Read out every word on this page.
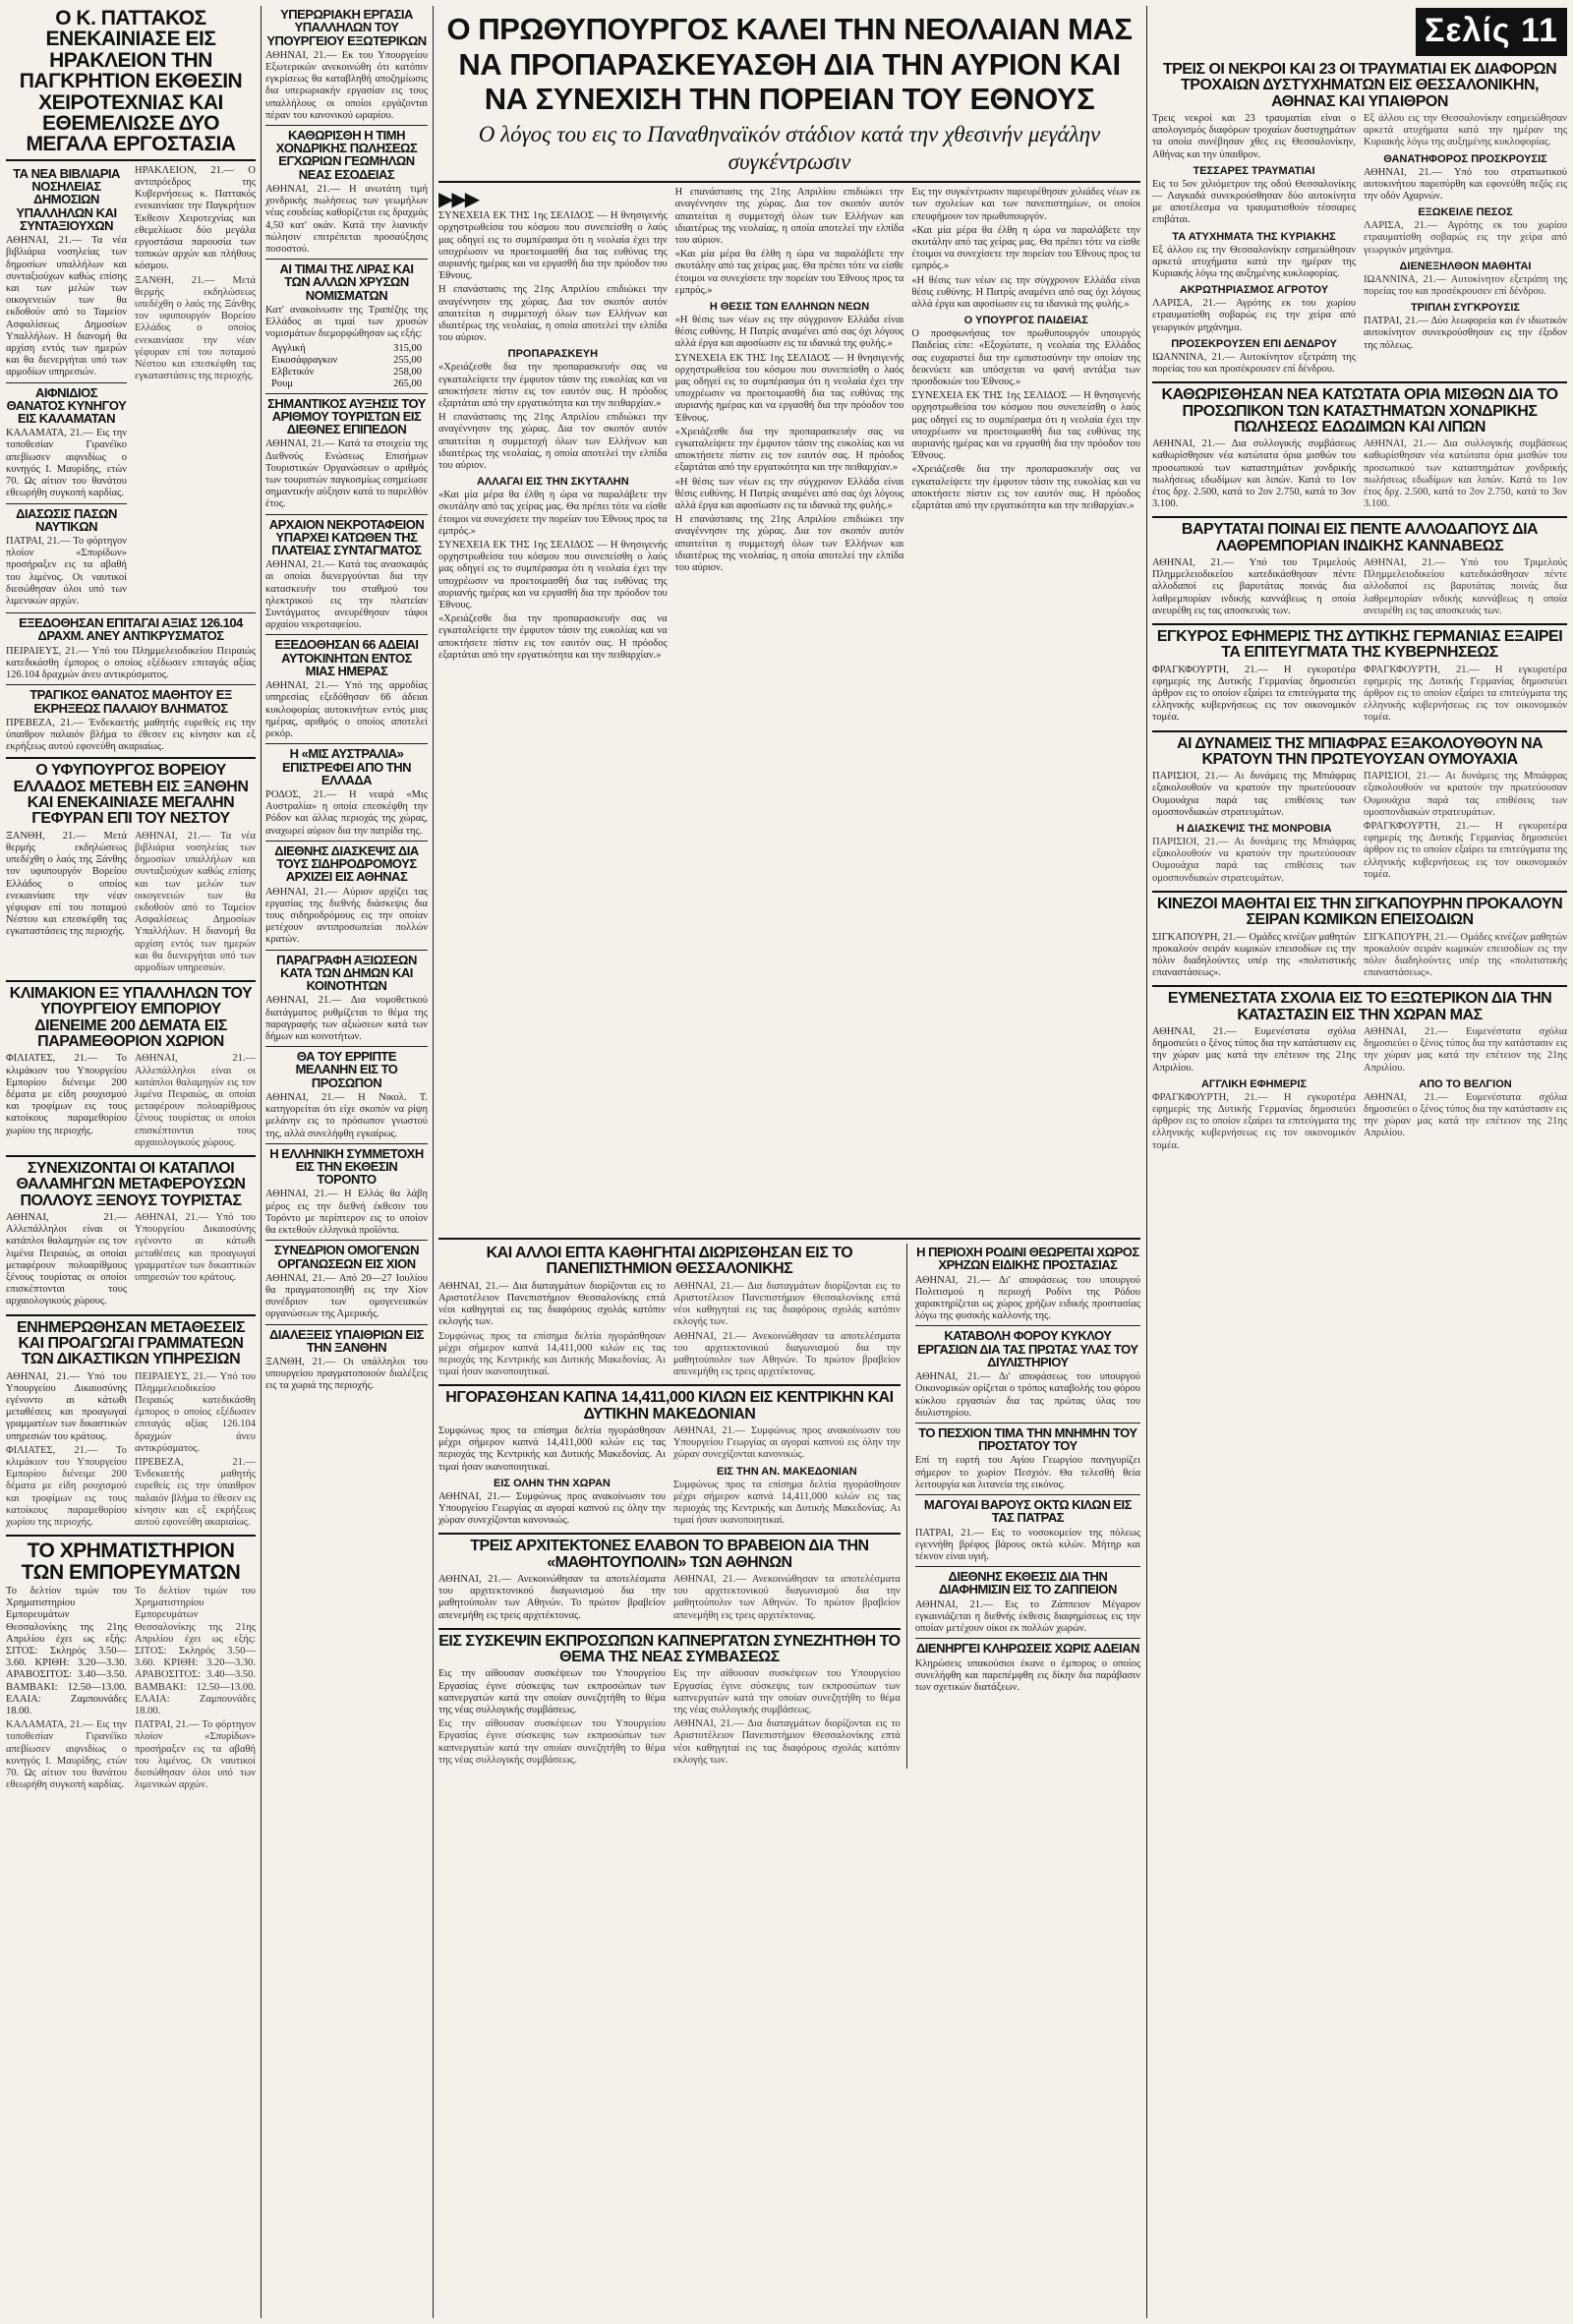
Ο Κ. ΠΑΤΤΑΚΟΣ ΕΝΕΚΑΙΝΙΑΣΕ ΕΙΣ ΗΡΑΚΛΕΙΟΝ ΤΗΝ ΠΑΓΚΡΗΤΙΟΝ ΕΚΘΕΣΙΝ ΧΕΙΡΟΤΕΧΝΙΑΣ ΚΑΙ ΕΘΕΜΕΛΙΩΣΕ ΔΥΟ ΜΕΓΑΛΑ ΕΡΓΟΣΤΑΣΙΑ
ΤΑ ΝΕΑ ΒΙΒΛΙΑΡΙΑ ΝΟΣΗΛΕΙΑΣ ΔΗΜΟΣΙΩΝ ΥΠΑΛΛΗΛΩΝ ΚΑΙ ΣΥΝΤΑΞΙΟΥΧΩΝ

ΑΘΗΝΑΙ, 21.— Τα νέα βιβλιάρια νοσηλείας των δημοσίων υπαλλήλων και συνταξιούχων καθώς επίσης και των μελών των οικογενειών των θα εκδοθούν από το Ταμείον Ασφαλίσεως Δημοσίων Υπαλλήλων. Η διανομή θα αρχίση εντός των ημερών και θα διενεργήται υπό των αρμοδίων υπηρεσιών.

ΑΙΦΝΙΔΙΟΣ ΘΑΝΑΤΟΣ ΚΥΝΗΓΟΥ ΕΙΣ ΚΑΛΑΜΑΤΑΝ

ΚΑΛΑΜΑΤΑ, 21.— Εις την τοποθεσίαν Γιρανέϊκο απεβίωσεν αιφνιδίως ο κυνηγός Ι. Μαυρίδης, ετών 70. Ως αίτιον του θανάτου εθεωρήθη συγκοπή καρδίας.

ΔΙΑΣΩΣΙΣ ΠΑΣΩΝ ΝΑΥΤΙΚΩΝ

ΠΑΤΡΑΙ, 21.— Το φόρτηγον πλοίον «Σπυρίδων» προσήραξεν εις τα αβαθή του λιμένος. Οι ναυτικοί διεσώθησαν όλοι υπό των λιμενικών αρχών.

ΗΡΑΚΛΕΙΟΝ, 21.— Ο αντιπρόεδρος της Κυβερνήσεως κ. Παττακός ενεκαινίασε την Παγκρήτιον Έκθεσιν Χειροτεχνίας και εθεμελίωσε δύο μεγάλα εργοστάσια παρουσία των τοπικών αρχών και πλήθους κόσμου.

ΞΑΝΘΗ, 21.— Μετά θερμής εκδηλώσεως υπεδέχθη ο λαός της Ξάνθης τον υφυπουργόν Βορείου Ελλάδος ο οποίος ενεκαινίασε την νέαν γέφυραν επί του ποταμού Νέστου και επεσκέφθη τας εγκαταστάσεις της περιοχής.

ΕΞΕΔΟΘΗΣΑΝ ΕΠΙΤΑΓΑΙ ΑΞΙΑΣ 126.104 ΔΡΑΧΜ. ΑΝΕΥ ΑΝΤΙΚΡΥΣΜΑΤΟΣ

ΠΕΙΡΑΙΕΥΣ, 21.— Υπό του Πλημμελειοδικείου Πειραιώς κατεδικάσθη έμπορος ο οποίος εξέδωσεν επιταγάς αξίας 126.104 δραχμών άνευ αντικρύσματος.

ΤΡΑΓΙΚΟΣ ΘΑΝΑΤΟΣ ΜΑΘΗΤΟΥ ΕΞ ΕΚΡΗΞΕΩΣ ΠΑΛΑΙΟΥ ΒΛΗΜΑΤΟΣ

ΠΡΕΒΕΖΑ, 21.— Ένδεκαετής μαθητής ευρεθείς εις την ύπαιθρον παλαιόν βλήμα το έθεσεν εις κίνησιν και εξ εκρήξεως αυτού εφονεύθη ακαριαίως.

Ο ΥΦΥΠΟΥΡΓΟΣ ΒΟΡΕΙΟΥ ΕΛΛΑΔΟΣ ΜΕΤΕΒΗ ΕΙΣ ΞΑΝΘΗΝ ΚΑΙ ΕΝΕΚΑΙΝΙΑΣΕ ΜΕΓΑΛΗΝ ΓΕΦΥΡΑΝ ΕΠΙ ΤΟΥ ΝΕΣΤΟΥ

ΞΑΝΘΗ, 21.— Μετά θερμής εκδηλώσεως υπεδέχθη ο λαός της Ξάνθης τον υφυπουργόν Βορείου Ελλάδος ο οποίος ενεκαινίασε την νέαν γέφυραν επί του ποταμού Νέστου και επεσκέφθη τας εγκαταστάσεις της περιοχής.

ΑΘΗΝΑΙ, 21.— Τα νέα βιβλιάρια νοσηλείας των δημοσίων υπαλλήλων και συνταξιούχων καθώς επίσης και των μελών των οικογενειών των θα εκδοθούν από το Ταμείον Ασφαλίσεως Δημοσίων Υπαλλήλων. Η διανομή θα αρχίση εντός των ημερών και θα διενεργήται υπό των αρμοδίων υπηρεσιών.

ΚΛΙΜΑΚΙΟΝ ΕΞ ΥΠΑΛΛΗΛΩΝ ΤΟΥ ΥΠΟΥΡΓΕΙΟΥ ΕΜΠΟΡΙΟΥ ΔΙΕΝΕΙΜΕ 200 ΔΕΜΑΤΑ ΕΙΣ ΠΑΡΑΜΕΘΟΡΙΟΝ ΧΩΡΙΟΝ

ΦΙΛΙΑΤΕΣ, 21.— Το κλιμάκιον του Υπουργείου Εμπορίου διένειμε 200 δέματα με είδη ρουχισμού και τροφίμων εις τους κατοίκους παραμεθορίου χωρίου της περιοχής.

ΑΘΗΝΑΙ, 21.— Αλλεπάλληλοι είναι οι κατάπλοι θαλαμηγών εις τον λιμένα Πειραιώς, αι οποίαι μεταφέρουν πολυαρίθμους ξένους τουρίστας οι οποίοι επισκέπτονται τους αρχαιολογικούς χώρους.

ΣΥΝΕΧΙΖΟΝΤΑΙ ΟΙ ΚΑΤΑΠΛΟΙ ΘΑΛΑΜΗΓΩΝ ΜΕΤΑΦΕΡΟΥΣΩΝ ΠΟΛΛΟΥΣ ΞΕΝΟΥΣ ΤΟΥΡΙΣΤΑΣ

ΑΘΗΝΑΙ, 21.— Αλλεπάλληλοι είναι οι κατάπλοι θαλαμηγών εις τον λιμένα Πειραιώς, αι οποίαι μεταφέρουν πολυαρίθμους ξένους τουρίστας οι οποίοι επισκέπτονται τους αρχαιολογικούς χώρους.

ΑΘΗΝΑΙ, 21.— Υπό του Υπουργείου Δικαιοσύνης εγένοντο αι κάτωθι μεταθέσεις και προαγωγαί γραμματέων των δικαστικών υπηρεσιών του κράτους.

ΕΝΗΜΕΡΩΘΗΣΑΝ ΜΕΤΑΘΕΣΕΙΣ ΚΑΙ ΠΡΟΑΓΩΓΑΙ ΓΡΑΜΜΑΤΕΩΝ ΤΩΝ ΔΙΚΑΣΤΙΚΩΝ ΥΠΗΡΕΣΙΩΝ

ΑΘΗΝΑΙ, 21.— Υπό του Υπουργείου Δικαιοσύνης εγένοντο αι κάτωθι μεταθέσεις και προαγωγαί γραμματέων των δικαστικών υπηρεσιών του κράτους.

ΦΙΛΙΑΤΕΣ, 21.— Το κλιμάκιον του Υπουργείου Εμπορίου διένειμε 200 δέματα με είδη ρουχισμού και τροφίμων εις τους κατοίκους παραμεθορίου χωρίου της περιοχής.

ΠΕΙΡΑΙΕΥΣ, 21.— Υπό του Πλημμελειοδικείου Πειραιώς κατεδικάσθη έμπορος ο οποίος εξέδωσεν επιταγάς αξίας 126.104 δραχμών άνευ αντικρύσματος.

ΠΡΕΒΕΖΑ, 21.— Ένδεκαετής μαθητής ευρεθείς εις την ύπαιθρον παλαιόν βλήμα το έθεσεν εις κίνησιν και εξ εκρήξεως αυτού εφονεύθη ακαριαίως.

ΤΟ ΧΡΗΜΑΤΙΣΤΗΡΙΟΝ ΤΩΝ ΕΜΠΟΡΕΥΜΑΤΩΝ

Το δελτίον τιμών του Χρηματιστηρίου Εμπορευμάτων Θεσσαλονίκης της 21ης Απριλίου έχει ως εξής: ΣΙΤΟΣ: Σκληρός 3.50—3.60. ΚΡΙΘΗ: 3.20—3.30. ΑΡΑΒΟΣΙΤΟΣ: 3.40—3.50. ΒΑΜΒΑΚΙ: 12.50—13.00. ΕΛΑΙΑ: Ζαμπουνάδες 18.00.

ΚΑΛΑΜΑΤΑ, 21.— Εις την τοποθεσίαν Γιρανέϊκο απεβίωσεν αιφνιδίως ο κυνηγός Ι. Μαυρίδης, ετών 70. Ως αίτιον του θανάτου εθεωρήθη συγκοπή καρδίας.

Το δελτίον τιμών του Χρηματιστηρίου Εμπορευμάτων Θεσσαλονίκης της 21ης Απριλίου έχει ως εξής: ΣΙΤΟΣ: Σκληρός 3.50—3.60. ΚΡΙΘΗ: 3.20—3.30. ΑΡΑΒΟΣΙΤΟΣ: 3.40—3.50. ΒΑΜΒΑΚΙ: 12.50—13.00. ΕΛΑΙΑ: Ζαμπουνάδες 18.00.

ΠΑΤΡΑΙ, 21.— Το φόρτηγον πλοίον «Σπυρίδων» προσήραξεν εις τα αβαθή του λιμένος. Οι ναυτικοί διεσώθησαν όλοι υπό των λιμενικών αρχών.

ΥΠΕΡΩΡΙΑΚΗ ΕΡΓΑΣΙΑ ΥΠΑΛΛΗΛΩΝ ΤΟΥ ΥΠΟΥΡΓΕΙΟΥ ΕΞΩΤΕΡΙΚΩΝ

ΑΘΗΝΑΙ, 21.— Εκ του Υπουργείου Εξωτερικών ανεκοινώθη ότι κατόπιν εγκρίσεως θα καταβληθή αποζημίωσις δια υπερωριακήν εργασίαν εις τους υπαλλήλους οι οποίοι εργάζονται πέραν του κανονικού ωραρίου.

ΚΑΘΩΡΙΣΘΗ Η ΤΙΜΗ ΧΟΝΔΡΙΚΗΣ ΠΩΛΗΣΕΩΣ ΕΓΧΩΡΙΩΝ ΓΕΩΜΗΛΩΝ ΝΕΑΣ ΕΣΟΔΕΙΑΣ

ΑΘΗΝΑΙ, 21.— Η ανωτάτη τιμή χονδρικής πωλήσεως των γεωμήλων νέας εσοδείας καθορίζεται εις δραχμάς 4,50 κατ' οκάν. Κατά την λιανικήν πώλησιν επιτρέπεται προσαύξησις ποσοστού.

ΑΙ ΤΙΜΑΙ ΤΗΣ ΛΙΡΑΣ ΚΑΙ ΤΩΝ ΑΛΛΩΝ ΧΡΥΣΩΝ ΝΟΜΙΣΜΑΤΩΝ

Κατ' ανακοίνωσιν της Τραπέζης της Ελλάδος αι τιμαί των χρυσών νομισμάτων διεμορφώθησαν ως εξής:

Αγγλική	315,00
Εικοσάφραγκον	255,00
Ελβετικόν	258,00
Ρουμ	265,00
ΣΗΜΑΝΤΙΚΟΣ ΑΥΞΗΣΙΣ ΤΟΥ ΑΡΙΘΜΟΥ ΤΟΥΡΙΣΤΩΝ ΕΙΣ ΔΙΕΘΝΕΣ ΕΠΙΠΕΔΟΝ

ΑΘΗΝΑΙ, 21.— Κατά τα στοιχεία της Διεθνούς Ενώσεως Επισήμων Τουριστικών Οργανώσεων ο αριθμός των τουριστών παγκοσμίως εσημείωσε σημαντικήν αύξησιν κατά το παρελθόν έτος.

ΑΡΧΑΙΟΝ ΝΕΚΡΟΤΑΦΕΙΟΝ ΥΠΑΡΧΕΙ ΚΑΤΩΘΕΝ ΤΗΣ ΠΛΑΤΕΙΑΣ ΣΥΝΤΑΓΜΑΤΟΣ

ΑΘΗΝΑΙ, 21.— Κατά τας ανασκαφάς αι οποίαι διενεργούνται δια την κατασκευήν του σταθμού του ηλεκτρικού εις την πλατείαν Συντάγματος ανευρέθησαν τάφοι αρχαίου νεκροταφείου.

ΕΞΕΔΟΘΗΣΑΝ 66 ΑΔΕΙΑΙ ΑΥΤΟΚΙΝΗΤΩΝ ΕΝΤΟΣ ΜΙΑΣ ΗΜΕΡΑΣ

ΑΘΗΝΑΙ, 21.— Υπό της αρμοδίας υπηρεσίας εξεδόθησαν 66 άδειαι κυκλοφορίας αυτοκινήτων εντός μιας ημέρας, αριθμός ο οποίος αποτελεί ρεκόρ.

Η «ΜΙΣ ΑΥΣΤΡΑΛΙΑ» ΕΠΙΣΤΡΕΦΕΙ ΑΠΟ ΤΗΝ ΕΛΛΑΔΑ

ΡΟΔΟΣ, 21.— Η νεαρά «Μις Αυστραλία» η οποία επεσκέφθη την Ρόδον και άλλας περιοχάς της χώρας, αναχωρεί αύριον δια την πατρίδα της.

ΔΙΕΘΝΗΣ ΔΙΑΣΚΕΨΙΣ ΔΙΑ ΤΟΥΣ ΣΙΔΗΡΟΔΡΟΜΟΥΣ ΑΡΧΙΖΕΙ ΕΙΣ ΑΘΗΝΑΣ

ΑΘΗΝΑΙ, 21.— Αύριον αρχίζει τας εργασίας της διεθνής διάσκεψις δια τους σιδηροδρόμους εις την οποίαν μετέχουν αντιπροσωπείαι πολλών κρατών.

ΠΑΡΑΓΡΑΦΗ ΑΞΙΩΣΕΩΝ ΚΑΤΑ ΤΩΝ ΔΗΜΩΝ ΚΑΙ ΚΟΙΝΟΤΗΤΩΝ

ΑΘΗΝΑΙ, 21.— Δια νομοθετικού διατάγματος ρυθμίζεται το θέμα της παραγραφής των αξιώσεων κατά των δήμων και κοινοτήτων.

ΘΑ ΤΟΥ ΕΡΡΙΠΤΕ ΜΕΛΑΝΗΝ ΕΙΣ ΤΟ ΠΡΟΣΩΠΟΝ

ΑΘΗΝΑΙ, 21.— Η Νικολ. Τ. κατηγορείται ότι είχε σκοπόν να ρίψη μελάνην εις το πρόσωπον γνωστού της, αλλά συνελήφθη εγκαίρως.

Η ΕΛΛΗΝΙΚΗ ΣΥΜΜΕΤΟΧΗ ΕΙΣ ΤΗΝ ΕΚΘΕΣΙΝ ΤΟΡΟΝΤΟ

ΑΘΗΝΑΙ, 21.— Η Ελλάς θα λάβη μέρος εις την διεθνή έκθεσιν του Τορόντο με περίπτερον εις το οποίον θα εκτεθούν ελληνικά προϊόντα.

ΣΥΝΕΔΡΙΟΝ ΟΜΟΓΕΝΩΝ ΟΡΓΑΝΩΣΕΩΝ ΕΙΣ ΧΙΟΝ

ΑΘΗΝΑΙ, 21.— Από 20—27 Ιουλίου θα πραγματοποιηθή εις την Χίον συνέδριον των ομογενειακών οργανώσεων της Αμερικής.

ΔΙΑΛΕΞΕΙΣ ΥΠΑΙΘΡΙΩΝ ΕΙΣ ΤΗΝ ΞΑΝΘΗΝ

ΞΑΝΘΗ, 21.— Οι υπάλληλοι του υπουργείου πραγματοποιούν διαλέξεις εις τα χωριά της περιοχής.

Ο ΠΡΩΘΥΠΟΥΡΓΟΣ ΚΑΛΕΙ ΤΗΝ ΝΕΟΛΑΙΑΝ ΜΑΣ ΝΑ ΠΡΟΠΑΡΑΣΚΕΥΑΣΘΗ ΔΙΑ ΤΗΝ ΑΥΡΙΟΝ ΚΑΙ ΝΑ ΣΥΝΕΧΙΣΗ ΤΗΝ ΠΟΡΕΙΑΝ ΤΟΥ ΕΘΝΟΥΣ
Ο λόγος του εις το Παναθηναϊκόν στάδιον κατά την χθεσινήν μεγάλην συγκέντρωσιν
▶▶▶

ΣΥΝΕΧΕΙΑ ΕΚ ΤΗΣ 1ης ΣΕΛΙΔΟΣ — Η θνησιγενής ορχηστρωθείσα του κόσμου που συνεπείσθη ο λαός μας οδηγεί εις το συμπέρασμα ότι η νεολαία έχει την υποχρέωσιν να προετοιμασθή δια τας ευθύνας της αυριανής ημέρας και να εργασθή δια την πρόοδον του Έθνους.

Η επανάστασις της 21ης Απριλίου επιδιώκει την αναγέννησιν της χώρας. Δια τον σκοπόν αυτόν απαιτείται η συμμετοχή όλων των Ελλήνων και ιδιαιτέρως της νεολαίας, η οποία αποτελεί την ελπίδα του αύριον.

ΠΡΟΠΑΡΑΣΚΕΥΗ

«Χρειάζεσθε δια την προπαρασκευήν σας να εγκαταλείψετε την έμφυτον τάσιν της ευκολίας και να αποκτήσετε πίστιν εις τον εαυτόν σας. Η πρόοδος εξαρτάται από την εργατικότητα και την πειθαρχίαν.»

Η επανάστασις της 21ης Απριλίου επιδιώκει την αναγέννησιν της χώρας. Δια τον σκοπόν αυτόν απαιτείται η συμμετοχή όλων των Ελλήνων και ιδιαιτέρως της νεολαίας, η οποία αποτελεί την ελπίδα του αύριον.

ΑΛΛΑΓΑΙ ΕΙΣ ΤΗΝ ΣΚΥΤΑΛΗΝ

«Και μία μέρα θα έλθη η ώρα να παραλάβετε την σκυτάλην από τας χείρας μας. Θα πρέπει τότε να είσθε έτοιμοι να συνεχίσετε την πορείαν του Έθνους προς τα εμπρός.»

ΣΥΝΕΧΕΙΑ ΕΚ ΤΗΣ 1ης ΣΕΛΙΔΟΣ — Η θνησιγενής ορχηστρωθείσα του κόσμου που συνεπείσθη ο λαός μας οδηγεί εις το συμπέρασμα ότι η νεολαία έχει την υποχρέωσιν να προετοιμασθή δια τας ευθύνας της αυριανής ημέρας και να εργασθή δια την πρόοδον του Έθνους.

«Χρειάζεσθε δια την προπαρασκευήν σας να εγκαταλείψετε την έμφυτον τάσιν της ευκολίας και να αποκτήσετε πίστιν εις τον εαυτόν σας. Η πρόοδος εξαρτάται από την εργατικότητα και την πειθαρχίαν.»

Η επανάστασις της 21ης Απριλίου επιδιώκει την αναγέννησιν της χώρας. Δια τον σκοπόν αυτόν απαιτείται η συμμετοχή όλων των Ελλήνων και ιδιαιτέρως της νεολαίας, η οποία αποτελεί την ελπίδα του αύριον.

«Και μία μέρα θα έλθη η ώρα να παραλάβετε την σκυτάλην από τας χείρας μας. Θα πρέπει τότε να είσθε έτοιμοι να συνεχίσετε την πορείαν του Έθνους προς τα εμπρός.»

Η ΘΕΣΙΣ ΤΩΝ ΕΛΛΗΝΩΝ ΝΕΩΝ

«Η θέσις των νέων εις την σύγχρονον Ελλάδα είναι θέσις ευθύνης. Η Πατρίς αναμένει από σας όχι λόγους αλλά έργα και αφοσίωσιν εις τα ιδανικά της φυλής.»

ΣΥΝΕΧΕΙΑ ΕΚ ΤΗΣ 1ης ΣΕΛΙΔΟΣ — Η θνησιγενής ορχηστρωθείσα του κόσμου που συνεπείσθη ο λαός μας οδηγεί εις το συμπέρασμα ότι η νεολαία έχει την υποχρέωσιν να προετοιμασθή δια τας ευθύνας της αυριανής ημέρας και να εργασθή δια την πρόοδον του Έθνους.

«Χρειάζεσθε δια την προπαρασκευήν σας να εγκαταλείψετε την έμφυτον τάσιν της ευκολίας και να αποκτήσετε πίστιν εις τον εαυτόν σας. Η πρόοδος εξαρτάται από την εργατικότητα και την πειθαρχίαν.»

«Η θέσις των νέων εις την σύγχρονον Ελλάδα είναι θέσις ευθύνης. Η Πατρίς αναμένει από σας όχι λόγους αλλά έργα και αφοσίωσιν εις τα ιδανικά της φυλής.»

Η επανάστασις της 21ης Απριλίου επιδιώκει την αναγέννησιν της χώρας. Δια τον σκοπόν αυτόν απαιτείται η συμμετοχή όλων των Ελλήνων και ιδιαιτέρως της νεολαίας, η οποία αποτελεί την ελπίδα του αύριον.

Εις την συγκέντρωσιν παρευρέθησαν χιλιάδες νέων εκ των σχολείων και των πανεπιστημίων, οι οποίοι επευφήμουν τον πρωθυπουργόν.

«Και μία μέρα θα έλθη η ώρα να παραλάβετε την σκυτάλην από τας χείρας μας. Θα πρέπει τότε να είσθε έτοιμοι να συνεχίσετε την πορείαν του Έθνους προς τα εμπρός.»

«Η θέσις των νέων εις την σύγχρονον Ελλάδα είναι θέσις ευθύνης. Η Πατρίς αναμένει από σας όχι λόγους αλλά έργα και αφοσίωσιν εις τα ιδανικά της φυλής.»

Ο ΥΠΟΥΡΓΟΣ ΠΑΙΔΕΙΑΣ

Ο προσφωνήσας τον πρωθυπουργόν υπουργός Παιδείας είπε: «Εξοχώτατε, η νεολαία της Ελλάδος σας ευχαριστεί δια την εμπιστοσύνην την οποίαν της δεικνύετε και υπόσχεται να φανή αντάξια των προσδοκιών του Έθνους.»

ΣΥΝΕΧΕΙΑ ΕΚ ΤΗΣ 1ης ΣΕΛΙΔΟΣ — Η θνησιγενής ορχηστρωθείσα του κόσμου που συνεπείσθη ο λαός μας οδηγεί εις το συμπέρασμα ότι η νεολαία έχει την υποχρέωσιν να προετοιμασθή δια τας ευθύνας της αυριανής ημέρας και να εργασθή δια την πρόοδον του Έθνους.

«Χρειάζεσθε δια την προπαρασκευήν σας να εγκαταλείψετε την έμφυτον τάσιν της ευκολίας και να αποκτήσετε πίστιν εις τον εαυτόν σας. Η πρόοδος εξαρτάται από την εργατικότητα και την πειθαρχίαν.»

ΚΑΙ ΑΛΛΟΙ ΕΠΤΑ ΚΑΘΗΓΗΤΑΙ ΔΙΩΡΙΣΘΗΣΑΝ ΕΙΣ ΤΟ ΠΑΝΕΠΙΣΤΗΜΙΟΝ ΘΕΣΣΑΛΟΝΙΚΗΣ

ΑΘΗΝΑΙ, 21.— Δια διαταγμάτων διορίζονται εις το Αριστοτέλειον Πανεπιστήμιον Θεσσαλονίκης επτά νέοι καθηγηταί εις τας διαφόρους σχολάς κατόπιν εκλογής των.

Συμφώνως προς τα επίσημα δελτία ηγοράσθησαν μέχρι σήμερον καπνά 14,411,000 κιλών εις τας περιοχάς της Κεντρικής και Δυτικής Μακεδονίας. Αι τιμαί ήσαν ικανοποιητικαί.

ΑΘΗΝΑΙ, 21.— Δια διαταγμάτων διορίζονται εις το Αριστοτέλειον Πανεπιστήμιον Θεσσαλονίκης επτά νέοι καθηγηταί εις τας διαφόρους σχολάς κατόπιν εκλογής των.

ΑΘΗΝΑΙ, 21.— Ανεκοινώθησαν τα αποτελέσματα του αρχιτεκτονικού διαγωνισμού δια την μαθητούπολιν των Αθηνών. Το πρώτον βραβείον απενεμήθη εις τρεις αρχιτέκτονας.

ΗΓΟΡΑΣΘΗΣΑΝ ΚΑΠΝΑ 14,411,000 ΚΙΛΩΝ ΕΙΣ ΚΕΝΤΡΙΚΗΝ ΚΑΙ ΔΥΤΙΚΗΝ ΜΑΚΕΔΟΝΙΑΝ

Συμφώνως προς τα επίσημα δελτία ηγοράσθησαν μέχρι σήμερον καπνά 14,411,000 κιλών εις τας περιοχάς της Κεντρικής και Δυτικής Μακεδονίας. Αι τιμαί ήσαν ικανοποιητικαί.

ΕΙΣ ΟΛΗΝ ΤΗΝ ΧΩΡΑΝ

ΑΘΗΝΑΙ, 21.— Συμφώνως προς ανακοίνωσιν του Υπουργείου Γεωργίας αι αγοραί καπνού εις όλην την χώραν συνεχίζονται κανονικώς.

ΑΘΗΝΑΙ, 21.— Συμφώνως προς ανακοίνωσιν του Υπουργείου Γεωργίας αι αγοραί καπνού εις όλην την χώραν συνεχίζονται κανονικώς.

ΕΙΣ ΤΗΝ ΑΝ. ΜΑΚΕΔΟΝΙΑΝ

Συμφώνως προς τα επίσημα δελτία ηγοράσθησαν μέχρι σήμερον καπνά 14,411,000 κιλών εις τας περιοχάς της Κεντρικής και Δυτικής Μακεδονίας. Αι τιμαί ήσαν ικανοποιητικαί.

ΤΡΕΙΣ ΑΡΧΙΤΕΚΤΟΝΕΣ ΕΛΑΒΟΝ ΤΟ ΒΡΑΒΕΙΟΝ ΔΙΑ ΤΗΝ «ΜΑΘΗΤΟΥΠΟΛΙΝ» ΤΩΝ ΑΘΗΝΩΝ

ΑΘΗΝΑΙ, 21.— Ανεκοινώθησαν τα αποτελέσματα του αρχιτεκτονικού διαγωνισμού δια την μαθητούπολιν των Αθηνών. Το πρώτον βραβείον απενεμήθη εις τρεις αρχιτέκτονας.

ΑΘΗΝΑΙ, 21.— Ανεκοινώθησαν τα αποτελέσματα του αρχιτεκτονικού διαγωνισμού δια την μαθητούπολιν των Αθηνών. Το πρώτον βραβείον απενεμήθη εις τρεις αρχιτέκτονας.

ΕΙΣ ΣΥΣΚΕΨΙΝ ΕΚΠΡΟΣΩΠΩΝ ΚΑΠΝΕΡΓΑΤΩΝ ΣΥΝΕΖΗΤΗΘΗ ΤΟ ΘΕΜΑ ΤΗΣ ΝΕΑΣ ΣΥΜΒΑΣΕΩΣ

Εις την αίθουσαν συσκέψεων του Υπουργείου Εργασίας έγινε σύσκεψις των εκπροσώπων των καπνεργατών κατά την οποίαν συνεζητήθη το θέμα της νέας συλλογικής συμβάσεως.

Εις την αίθουσαν συσκέψεων του Υπουργείου Εργασίας έγινε σύσκεψις των εκπροσώπων των καπνεργατών κατά την οποίαν συνεζητήθη το θέμα της νέας συλλογικής συμβάσεως.

Εις την αίθουσαν συσκέψεων του Υπουργείου Εργασίας έγινε σύσκεψις των εκπροσώπων των καπνεργατών κατά την οποίαν συνεζητήθη το θέμα της νέας συλλογικής συμβάσεως.

ΑΘΗΝΑΙ, 21.— Δια διαταγμάτων διορίζονται εις το Αριστοτέλειον Πανεπιστήμιον Θεσσαλονίκης επτά νέοι καθηγηταί εις τας διαφόρους σχολάς κατόπιν εκλογής των.

Η ΠΕΡΙΟΧΗ ΡΟΔΙΝΙ ΘΕΩΡΕΙΤΑΙ ΧΩΡΟΣ ΧΡΗΖΩΝ ΕΙΔΙΚΗΣ ΠΡΟΣΤΑΣΙΑΣ

ΑΘΗΝΑΙ, 21.— Δι' αποφάσεως του υπουργού Πολιτισμού η περιοχή Ροδίνι της Ρόδου χαρακτηρίζεται ως χώρος χρήζων ειδικής προστασίας λόγω της φυσικής καλλονής της.

ΚΑΤΑΒΟΛΗ ΦΟΡΟΥ ΚΥΚΛΟΥ ΕΡΓΑΣΙΩΝ ΔΙΑ ΤΑΣ ΠΡΩΤΑΣ ΥΛΑΣ ΤΟΥ ΔΙΥΛΙΣΤΗΡΙΟΥ

ΑΘΗΝΑΙ, 21.— Δι' αποφάσεως του υπουργού Οικονομικών ορίζεται ο τρόπος καταβολής του φόρου κύκλου εργασιών δια τας πρώτας ύλας του διυλιστηρίου.

ΤΟ ΠΕΣΧΙΟΝ ΤΙΜΑ ΤΗΝ ΜΝΗΜΗΝ ΤΟΥ ΠΡΟΣΤΑΤΟΥ ΤΟΥ

Επί τη εορτή του Αγίου Γεωργίου πανηγυρίζει σήμερον το χωρίον Πεσχιόν. Θα τελεσθή θεία λειτουργία και λιτανεία της εικόνος.

ΜΑΓΟΥΑΙ ΒΑΡΟΥΣ ΟΚΤΩ ΚΙΛΩΝ ΕΙΣ ΤΑΣ ΠΑΤΡΑΣ

ΠΑΤΡΑΙ, 21.— Εις το νοσοκομείον της πόλεως εγεννήθη βρέφος βάρους οκτώ κιλών. Μήτηρ και τέκνον είναι υγιή.

ΔΙΕΘΝΗΣ ΕΚΘΕΣΙΣ ΔΙΑ ΤΗΝ ΔΙΑΦΗΜΙΣΙΝ ΕΙΣ ΤΟ ΖΑΠΠΕΙΟΝ

ΑΘΗΝΑΙ, 21.— Εις το Ζάππειον Μέγαρον εγκαινιάζεται η διεθνής έκθεσις διαφημίσεως εις την οποίαν μετέχουν οίκοι εκ πολλών χωρών.

ΔΙΕΝΗΡΓΕΙ ΚΛΗΡΩΣΕΙΣ ΧΩΡΙΣ ΑΔΕΙΑΝ

Κληρώσεις υπακούσιοι έκανε ο έμπορος ο οποίος συνελήφθη και παρεπέμφθη εις δίκην δια παράβασιν των σχετικών διατάξεων.

Σελίς 11
ΤΡΕΙΣ ΟΙ ΝΕΚΡΟΙ ΚΑΙ 23 ΟΙ ΤΡΑΥΜΑΤΙΑΙ ΕΚ ΔΙΑΦΟΡΩΝ ΤΡΟΧΑΙΩΝ ΔΥΣΤΥΧΗΜΑΤΩΝ ΕΙΣ ΘΕΣΣΑΛΟΝΙΚΗΝ, ΑΘΗΝΑΣ ΚΑΙ ΥΠΑΙΘΡΟΝ

Τρεις νεκροί και 23 τραυματίαι είναι ο απολογισμός διαφόρων τροχαίων δυστυχημάτων τα οποία συνέβησαν χθες εις Θεσσαλονίκην, Αθήνας και την ύπαιθρον.

ΤΕΣΣΑΡΕΣ ΤΡΑΥΜΑΤΙΑΙ

Εις το 5ον χιλιόμετρον της οδού Θεσσαλονίκης — Λαγκαδά συνεκρούσθησαν δύο αυτοκίνητα με αποτέλεσμα να τραυματισθούν τέσσαρες επιβάται.

ΤΑ ΑΤΥΧΗΜΑΤΑ ΤΗΣ ΚΥΡΙΑΚΗΣ

Εξ άλλου εις την Θεσσαλονίκην εσημειώθησαν αρκετά ατυχήματα κατά την ημέραν της Κυριακής λόγω της αυξημένης κυκλοφορίας.

ΑΚΡΩΤΗΡΙΑΣΜΟΣ ΑΓΡΟΤΟΥ

ΛΑΡΙΣΑ, 21.— Αγρότης εκ του χωρίου ετραυματίσθη σοβαρώς εις την χείρα από γεωργικόν μηχάνημα.

ΠΡΟΣΕΚΡΟΥΣΕΝ ΕΠΙ ΔΕΝΔΡΟΥ

ΙΩΑΝΝΙΝΑ, 21.— Αυτοκίνητον εξετράπη της πορείας του και προσέκρουσεν επί δένδρου.

Εξ άλλου εις την Θεσσαλονίκην εσημειώθησαν αρκετά ατυχήματα κατά την ημέραν της Κυριακής λόγω της αυξημένης κυκλοφορίας.

ΘΑΝΑΤΗΦΟΡΟΣ ΠΡΟΣΚΡΟΥΣΙΣ

ΑΘΗΝΑΙ, 21.— Υπό του στρατιωτικού αυτοκινήτου παρεσύρθη και εφονεύθη πεζός εις την οδόν Αχαρνών.

ΕΞΩΚΕΙΛΕ ΠΕΣΟΣ

ΛΑΡΙΣΑ, 21.— Αγρότης εκ του χωρίου ετραυματίσθη σοβαρώς εις την χείρα από γεωργικόν μηχάνημα.

ΔΙΕΝΕΞΗΛΘΟΝ ΜΑΘΗΤΑΙ

ΙΩΑΝΝΙΝΑ, 21.— Αυτοκίνητον εξετράπη της πορείας του και προσέκρουσεν επί δένδρου.

ΤΡΙΠΛΗ ΣΥΓΚΡΟΥΣΙΣ

ΠΑΤΡΑΙ, 21.— Δύο λεωφορεία και έν ιδιωτικόν αυτοκίνητον συνεκρούσθησαν εις την έξοδον της πόλεως.

ΚΑΘΩΡΙΣΘΗΣΑΝ ΝΕΑ ΚΑΤΩΤΑΤΑ ΟΡΙΑ ΜΙΣΘΩΝ ΔΙΑ ΤΟ ΠΡΟΣΩΠΙΚΟΝ ΤΩΝ ΚΑΤΑΣΤΗΜΑΤΩΝ ΧΟΝΔΡΙΚΗΣ ΠΩΛΗΣΕΩΣ ΕΔΩΔΙΜΩΝ ΚΑΙ ΛΙΠΩΝ

ΑΘΗΝΑΙ, 21.— Δια συλλογικής συμβάσεως καθωρίσθησαν νέα κατώτατα όρια μισθών του προσωπικού των καταστημάτων χονδρικής πωλήσεως εδωδίμων και λιπών. Κατά το 1ον έτος δρχ. 2.500, κατά το 2ον 2.750, κατά το 3ον 3.100.

ΑΘΗΝΑΙ, 21.— Δια συλλογικής συμβάσεως καθωρίσθησαν νέα κατώτατα όρια μισθών του προσωπικού των καταστημάτων χονδρικής πωλήσεως εδωδίμων και λιπών. Κατά το 1ον έτος δρχ. 2.500, κατά το 2ον 2.750, κατά το 3ον 3.100.

ΒΑΡΥΤΑΤΑΙ ΠΟΙΝΑΙ ΕΙΣ ΠΕΝΤΕ ΑΛΛΟΔΑΠΟΥΣ ΔΙΑ ΛΑΘΡΕΜΠΟΡΙΑΝ ΙΝΔΙΚΗΣ ΚΑΝΝΑΒΕΩΣ

ΑΘΗΝΑΙ, 21.— Υπό του Τριμελούς Πλημμελειοδικείου κατεδικάσθησαν πέντε αλλοδαποί εις βαρυτάτας ποινάς δια λαθρεμπορίαν ινδικής καννάβεως η οποία ανευρέθη εις τας αποσκευάς των.

ΑΘΗΝΑΙ, 21.— Υπό του Τριμελούς Πλημμελειοδικείου κατεδικάσθησαν πέντε αλλοδαποί εις βαρυτάτας ποινάς δια λαθρεμπορίαν ινδικής καννάβεως η οποία ανευρέθη εις τας αποσκευάς των.

ΕΓΚΥΡΟΣ ΕΦΗΜΕΡΙΣ ΤΗΣ ΔΥΤΙΚΗΣ ΓΕΡΜΑΝΙΑΣ ΕΞΑΙΡΕΙ ΤΑ ΕΠΙΤΕΥΓΜΑΤΑ ΤΗΣ ΚΥΒΕΡΝΗΣΕΩΣ

ΦΡΑΓΚΦΟΥΡΤΗ, 21.— Η εγκυροτέρα εφημερίς της Δυτικής Γερμανίας δημοσιεύει άρθρον εις το οποίον εξαίρει τα επιτεύγματα της ελληνικής κυβερνήσεως εις τον οικονομικόν τομέα.

ΦΡΑΓΚΦΟΥΡΤΗ, 21.— Η εγκυροτέρα εφημερίς της Δυτικής Γερμανίας δημοσιεύει άρθρον εις το οποίον εξαίρει τα επιτεύγματα της ελληνικής κυβερνήσεως εις τον οικονομικόν τομέα.

ΑΙ ΔΥΝΑΜΕΙΣ ΤΗΣ ΜΠΙΑΦΡΑΣ ΕΞΑΚΟΛΟΥΘΟΥΝ ΝΑ ΚΡΑΤΟΥΝ ΤΗΝ ΠΡΩΤΕΥΟΥΣΑΝ ΟΥΜΟΥΑΧΙΑ

ΠΑΡΙΣΙΟΙ, 21.— Αι δυνάμεις της Μπιάφρας εξακολουθούν να κρατούν την πρωτεύουσαν Ουμουάχια παρά τας επιθέσεις των ομοσπονδιακών στρατευμάτων.

Η ΔΙΑΣΚΕΨΙΣ ΤΗΣ ΜΟΝΡΟΒΙΑ

ΠΑΡΙΣΙΟΙ, 21.— Αι δυνάμεις της Μπιάφρας εξακολουθούν να κρατούν την πρωτεύουσαν Ουμουάχια παρά τας επιθέσεις των ομοσπονδιακών στρατευμάτων.

ΠΑΡΙΣΙΟΙ, 21.— Αι δυνάμεις της Μπιάφρας εξακολουθούν να κρατούν την πρωτεύουσαν Ουμουάχια παρά τας επιθέσεις των ομοσπονδιακών στρατευμάτων.

ΦΡΑΓΚΦΟΥΡΤΗ, 21.— Η εγκυροτέρα εφημερίς της Δυτικής Γερμανίας δημοσιεύει άρθρον εις το οποίον εξαίρει τα επιτεύγματα της ελληνικής κυβερνήσεως εις τον οικονομικόν τομέα.

ΚΙΝΕΖΟΙ ΜΑΘΗΤΑΙ ΕΙΣ ΤΗΝ ΣΙΓΚΑΠΟΥΡΗΝ ΠΡΟΚΑΛΟΥΝ ΣΕΙΡΑΝ ΚΩΜΙΚΩΝ ΕΠΕΙΣΟΔΙΩΝ

ΣΙΓΚΑΠΟΥΡΗ, 21.— Ομάδες κινέζων μαθητών προκαλούν σειράν κωμικών επεισοδίων εις την πόλιν διαδηλούντες υπέρ της «πολιτιστικής επαναστάσεως».

ΣΙΓΚΑΠΟΥΡΗ, 21.— Ομάδες κινέζων μαθητών προκαλούν σειράν κωμικών επεισοδίων εις την πόλιν διαδηλούντες υπέρ της «πολιτιστικής επαναστάσεως».

ΕΥΜΕΝΕΣΤΑΤΑ ΣΧΟΛΙΑ ΕΙΣ ΤΟ ΕΞΩΤΕΡΙΚΟΝ ΔΙΑ ΤΗΝ ΚΑΤΑΣΤΑΣΙΝ ΕΙΣ ΤΗΝ ΧΩΡΑΝ ΜΑΣ

ΑΘΗΝΑΙ, 21.— Ευμενέστατα σχόλια δημοσιεύει ο ξένος τύπος δια την κατάστασιν εις την χώραν μας κατά την επέτειον της 21ης Απριλίου.

ΑΓΓΛΙΚΗ ΕΦΗΜΕΡΙΣ

ΦΡΑΓΚΦΟΥΡΤΗ, 21.— Η εγκυροτέρα εφημερίς της Δυτικής Γερμανίας δημοσιεύει άρθρον εις το οποίον εξαίρει τα επιτεύγματα της ελληνικής κυβερνήσεως εις τον οικονομικόν τομέα.

ΑΘΗΝΑΙ, 21.— Ευμενέστατα σχόλια δημοσιεύει ο ξένος τύπος δια την κατάστασιν εις την χώραν μας κατά την επέτειον της 21ης Απριλίου.

ΑΠΟ ΤΟ ΒΕΛΓΙΟΝ

ΑΘΗΝΑΙ, 21.— Ευμενέστατα σχόλια δημοσιεύει ο ξένος τύπος δια την κατάστασιν εις την χώραν μας κατά την επέτειον της 21ης Απριλίου.
